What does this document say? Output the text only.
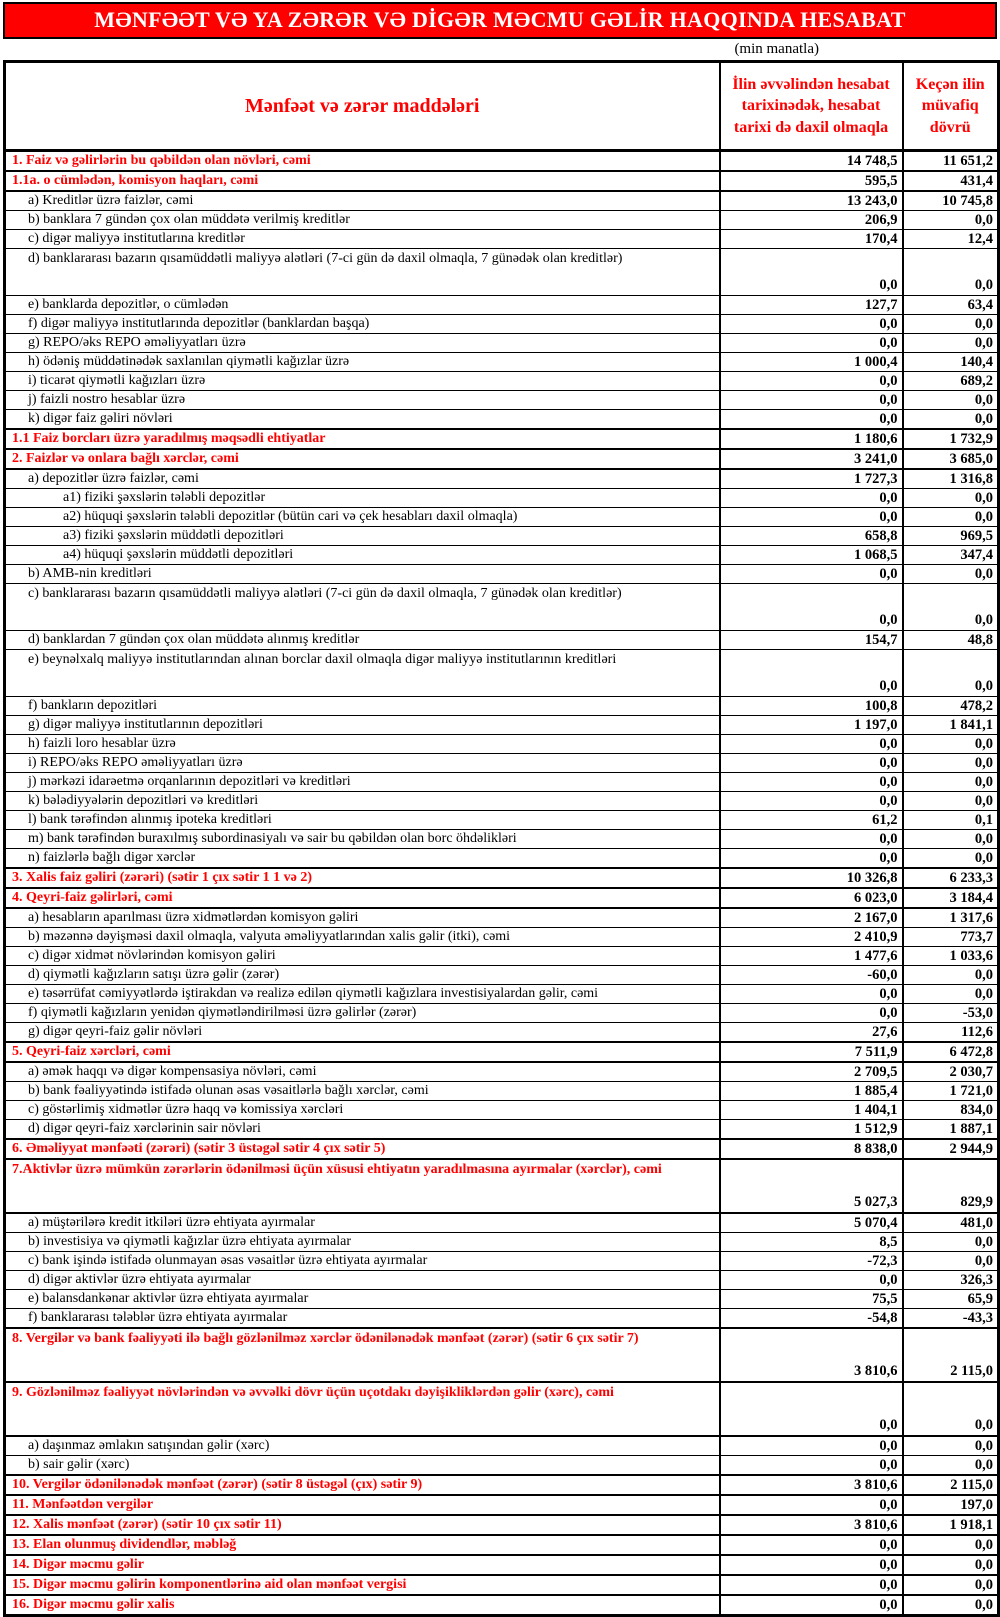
MƏNFƏƏT VƏ YA ZƏRƏR VƏ DİGƏR MƏCMU GƏLİR HAQQINDA HESABAT
(min manatla)
Mənfəət və zərər maddələri	İlin əvvəlindən hesabat tarixinədək, hesabat tarixi də daxil olmaqla	Keçən ilin müvafiq dövrü
1. Faiz və gəlirlərin bu qəbildən olan növləri, cəmi	14 748,5	11 651,2
1.1a. o cümlədən, komisyon haqları, cəmi	595,5	431,4
a) Kreditlər üzrə faizlər, cəmi	13 243,0	10 745,8
b) banklara 7 gündən çox olan müddətə verilmiş kreditlər	206,9	0,0
c) digər maliyyə institutlarına kreditlər	170,4	12,4
d) banklararası bazarın qısamüddətli maliyyə alətləri (7-ci gün də daxil olmaqla, 7 günədək olan kreditlər)	0,0	0,0
e) banklarda depozitlər, o cümlədən	127,7	63,4
f) digər maliyyə institutlarında depozitlər (banklardan başqa)	0,0	0,0
g) REPO/əks REPO əməliyyatları üzrə	0,0	0,0
h) ödəniş müddətinədək saxlanılan qiymətli kağızlar üzrə	1 000,4	140,4
i) ticarət qiymətli kağızları üzrə	0,0	689,2
j) faizli nostro hesablar üzrə	0,0	0,0
k) digər faiz gəliri növləri	0,0	0,0
1.1 Faiz borcları üzrə yaradılmış məqsədli ehtiyatlar	1 180,6	1 732,9
2. Faizlər və onlara bağlı xərclər, cəmi	3 241,0	3 685,0
a) depozitlər üzrə faizlər, cəmi	1 727,3	1 316,8
a1) fiziki şəxslərin tələbli depozitlər	0,0	0,0
a2) hüquqi şəxslərin tələbli depozitlər (bütün cari və çek hesabları daxil olmaqla)	0,0	0,0
a3) fiziki şəxslərin müddətli depozitləri	658,8	969,5
a4) hüquqi şəxslərin müddətli depozitləri	1 068,5	347,4
b) AMB-nin kreditləri	0,0	0,0
c) banklararası bazarın qısamüddətli maliyyə alətləri (7-ci gün də daxil olmaqla, 7 günədək olan kreditlər)	0,0	0,0
d) banklardan 7 gündən çox olan müddətə alınmış kreditlər	154,7	48,8
e) beynəlxalq maliyyə institutlarından alınan borclar daxil olmaqla digər maliyyə institutlarının kreditləri	0,0	0,0
f) bankların depozitləri	100,8	478,2
g) digər maliyyə institutlarının depozitləri	1 197,0	1 841,1
h) faizli loro hesablar üzrə	0,0	0,0
i) REPO/əks REPO əməliyyatları üzrə	0,0	0,0
j) mərkəzi idarəetmə orqanlarının depozitləri və kreditləri	0,0	0,0
k) bələdiyyələrin depozitləri və kreditləri	0,0	0,0
l) bank tərəfindən alınmış ipoteka kreditləri	61,2	0,1
m) bank tərəfindən buraxılmış subordinasiyalı və sair bu qəbildən olan borc öhdəlikləri	0,0	0,0
n) faizlərlə bağlı digər xərclər	0,0	0,0
3. Xalis faiz gəliri (zərəri) (sətir 1 çıx sətir 1 1 və 2)	10 326,8	6 233,3
4. Qeyri-faiz gəlirləri, cəmi	6 023,0	3 184,4
a) hesabların aparılması üzrə xidmətlərdən komisyon gəliri	2 167,0	1 317,6
b) məzənnə dəyişməsi daxil olmaqla, valyuta əməliyyatlarından xalis gəlir (itki), cəmi	2 410,9	773,7
c) digər xidmət növlərindən komisyon gəliri	1 477,6	1 033,6
d) qiymətli kağızların satışı üzrə gəlir (zərər)	-60,0	0,0
e) təsərrüfat cəmiyyətlərdə iştirakdan və realizə edilən qiymətli kağızlara investisiyalardan gəlir, cəmi	0,0	0,0
f) qiymətli kağızların yenidən qiymətləndirilməsi üzrə gəlirlər (zərər)	0,0	-53,0
g) digər qeyri-faiz gəlir növləri	27,6	112,6
5. Qeyri-faiz xərcləri, cəmi	7 511,9	6 472,8
a) əmək haqqı və digər kompensasiya növləri, cəmi	2 709,5	2 030,7
b) bank fəaliyyətində istifadə olunan əsas vəsaitlərlə bağlı xərclər, cəmi	1 885,4	1 721,0
c) göstərlimiş xidmətlər üzrə haqq və komissiya xərcləri	1 404,1	834,0
d) digər qeyri-faiz xərclərinin sair növləri	1 512,9	1 887,1
6. Əməliyyat mənfəəti (zərəri) (sətir 3 üstəgəl sətir 4 çıx sətir 5)	8 838,0	2 944,9
7.Aktivlər üzrə mümkün zərərlərin ödənilməsi üçün xüsusi ehtiyatın yaradılmasına ayırmalar (xərclər), cəmi	5 027,3	829,9
a) müştərilərə kredit itkiləri üzrə ehtiyata ayırmalar	5 070,4	481,0
b) investisiya və qiymətli kağızlar üzrə ehtiyata ayırmalar	8,5	0,0
c) bank işində istifadə olunmayan əsas vəsaitlər üzrə ehtiyata ayırmalar	-72,3	0,0
d) digər aktivlər üzrə ehtiyata ayırmalar	0,0	326,3
e) balansdankənar aktivlər üzrə ehtiyata ayırmalar	75,5	65,9
f) banklararası tələblər üzrə ehtiyata ayırmalar	-54,8	-43,3
8. Vergilər və bank fəaliyyəti ilə bağlı gözlənilməz xərclər ödənilənədək mənfəət (zərər) (sətir 6 çıx sətir 7)	3 810,6	2 115,0
9. Gözlənilməz fəaliyyət növlərindən və əvvəlki dövr üçün uçotdakı dəyişikliklərdən gəlir (xərc), cəmi	0,0	0,0
a) daşınmaz əmlakın satışından gəlir (xərc)	0,0	0,0
b) sair gəlir (xərc)	0,0	0,0
10. Vergilər ödənilənədək mənfəət (zərər) (sətir 8 üstəgəl (çıx) sətir 9)	3 810,6	2 115,0
11. Mənfəətdən vergilər	0,0	197,0
12. Xalis mənfəət (zərər) (sətir 10 çıx sətir 11)	3 810,6	1 918,1
13. Elan olunmuş dividendlər, məbləğ	0,0	0,0
14. Digər məcmu gəlir	0,0	0,0
15. Digər məcmu gəlirin komponentlərinə aid olan mənfəət vergisi	0,0	0,0
16. Digər məcmu gəlir xalis	0,0	0,0
